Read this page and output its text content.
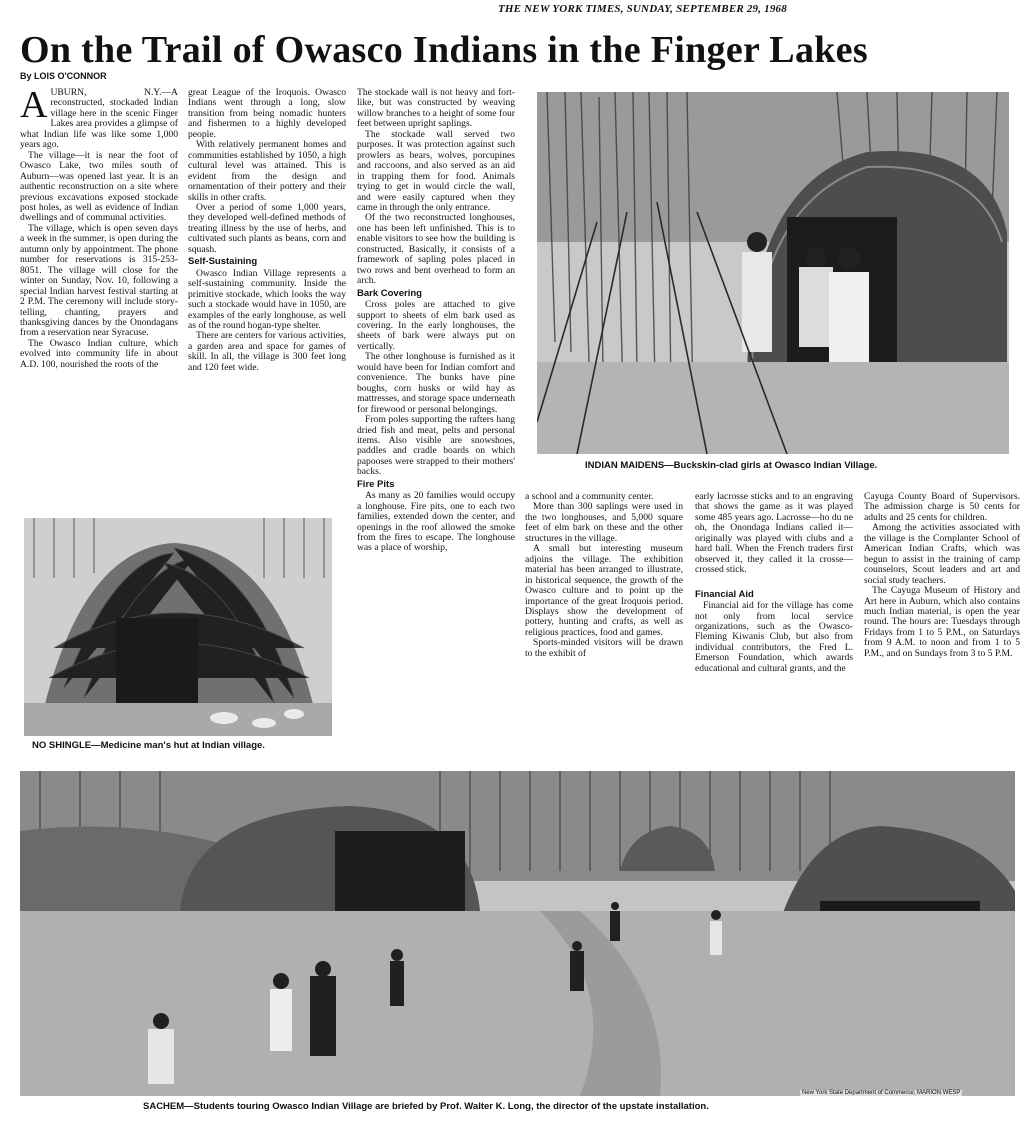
THE NEW YORK TIMES, SUNDAY, SEPTEMBER 29, 1968
On the Trail of Owasco Indians in the Finger Lakes
By LOIS O'CONNOR

AUBURN, N.Y.—A reconstructed, stockaded Indian village here in the scenic Finger Lakes area provides a glimpse of what Indian life was like some 1,000 years ago.

The village—it is near the foot of Owasco Lake, two miles south of Auburn—was opened last year. It is an authentic reconstruction on a site where previous excavations exposed stockade post holes, as well as evidence of Indian dwellings and of communal activities.

The village, which is open seven days a week in the summer, is open during the autumn only by appointment. The phone number for reservations is 315-253-8051. The village will close for the winter on Sunday, Nov. 10, following a special Indian harvest festival starting at 2 P.M. The ceremony will include story-telling, chanting, prayers and thanksgiving dances by the Onondagans from a reservation near Syracuse.

The Owasco Indian culture, which evolved into community life in about A.D. 100, nourished the roots of the

great League of the Iroquois. Owasco Indians went through a long, slow transition from being nomadic hunters and fishermen to a highly developed people.

With relatively permanent homes and communities established by 1050, a high cultural level was attained. This is evident from the design and ornamentation of their pottery and their skills in other crafts.

Over a period of some 1,000 years, they developed well-defined methods of treating illness by the use of herbs, and cultivated such plants as beans, corn and squash.

Self-Sustaining

Owasco Indian Village represents a self-sustaining community. Inside the primitive stockade, which looks the way such a stockade would have in 1050, are examples of the early longhouse, as well as of the round hogan-type shelter.

There are centers for various activities, a garden area and space for games of skill. In all, the village is 300 feet long and 120 feet wide.

The stockade wall is not heavy and fort-like, but was constructed by weaving willow branches to a height of some four feet between upright saplings.

The stockade wall served two purposes. It was protection against such prowlers as bears, wolves, porcupines and raccoons, and also served as an aid in trapping them for food. Animals trying to get in would circle the wall, and were easily captured when they came in through the only entrance.

Of the two reconstructed longhouses, one has been left unfinished. This is to enable visitors to see how the building is constructed. Basically, it consists of a framework of sapling poles placed in two rows and bent overhead to form an arch.

Bark Covering

Cross poles are attached to give support to sheets of elm bark used as covering. In the early longhouses, the sheets of bark were always put on vertically.

The other longhouse is furnished as it would have been for Indian comfort and convenience. The bunks have pine boughs, corn husks or wild hay as mattresses, and storage space underneath for firewood or personal belongings.

From poles supporting the rafters hang dried fish and meat, pelts and personal items. Also visible are snowshoes, paddles and cradle boards on which papooses were strapped to their mothers' backs.

Fire Pits

As many as 20 families would occupy a longhouse. Fire pits, one to each two families, extended down the center, and openings in the roof allowed the smoke from the fires to escape. The longhouse was a place of worship,

a school and a community center.

More than 300 saplings were used in the two longhouses, and 5,000 square feet of elm bark on these and the other structures in the village.

A small but interesting museum adjoins the village. The exhibition material has been arranged to illustrate, in historical sequence, the growth of the Owasco culture and to point up the importance of the great Iroquois period. Displays show the development of pottery, hunting and crafts, as well as religious practices, food and games.

Sports-minded visitors will be drawn to the exhibit of

early lacrosse sticks and to an engraving that shows the game as it was played some 485 years ago. Lacrosse—ho du ne oh, the Onondaga Indians called it—originally was played with clubs and a hard ball. When the French traders first observed it, they called it la crosse—crossed stick.

Financial Aid

Financial aid for the village has come not only from local service organizations, such as the Owasco-Fleming Kiwanis Club, but also from individual contributors, the Fred L. Emerson Foundation, which awards educational and cultural grants, and the

Cayuga County Board of Supervisors. The admission charge is 50 cents for adults and 25 cents for children.

Among the activities associated with the village is the Cornplanter School of American Indian Crafts, which was begun to assist in the training of camp counselors, Scout leaders and art and social study teachers.

The Cayuga Museum of History and Art here in Auburn, which also contains much Indian material, is open the year round. The hours are: Tuesdays through Fridays from 1 to 5 P.M., on Saturdays from 9 A.M. to noon and from 1 to 5 P.M., and on Sundays from 3 to 5 P.M.

INDIAN MAIDENS—Buckskin-clad girls at Owasco Indian Village.
NO SHINGLE—Medicine man's hut at Indian village.
New York State Department of Commerce; MARION WESP
SACHEM—Students touring Owasco Indian Village are briefed by Prof. Walter K. Long, the director of the upstate installation.
